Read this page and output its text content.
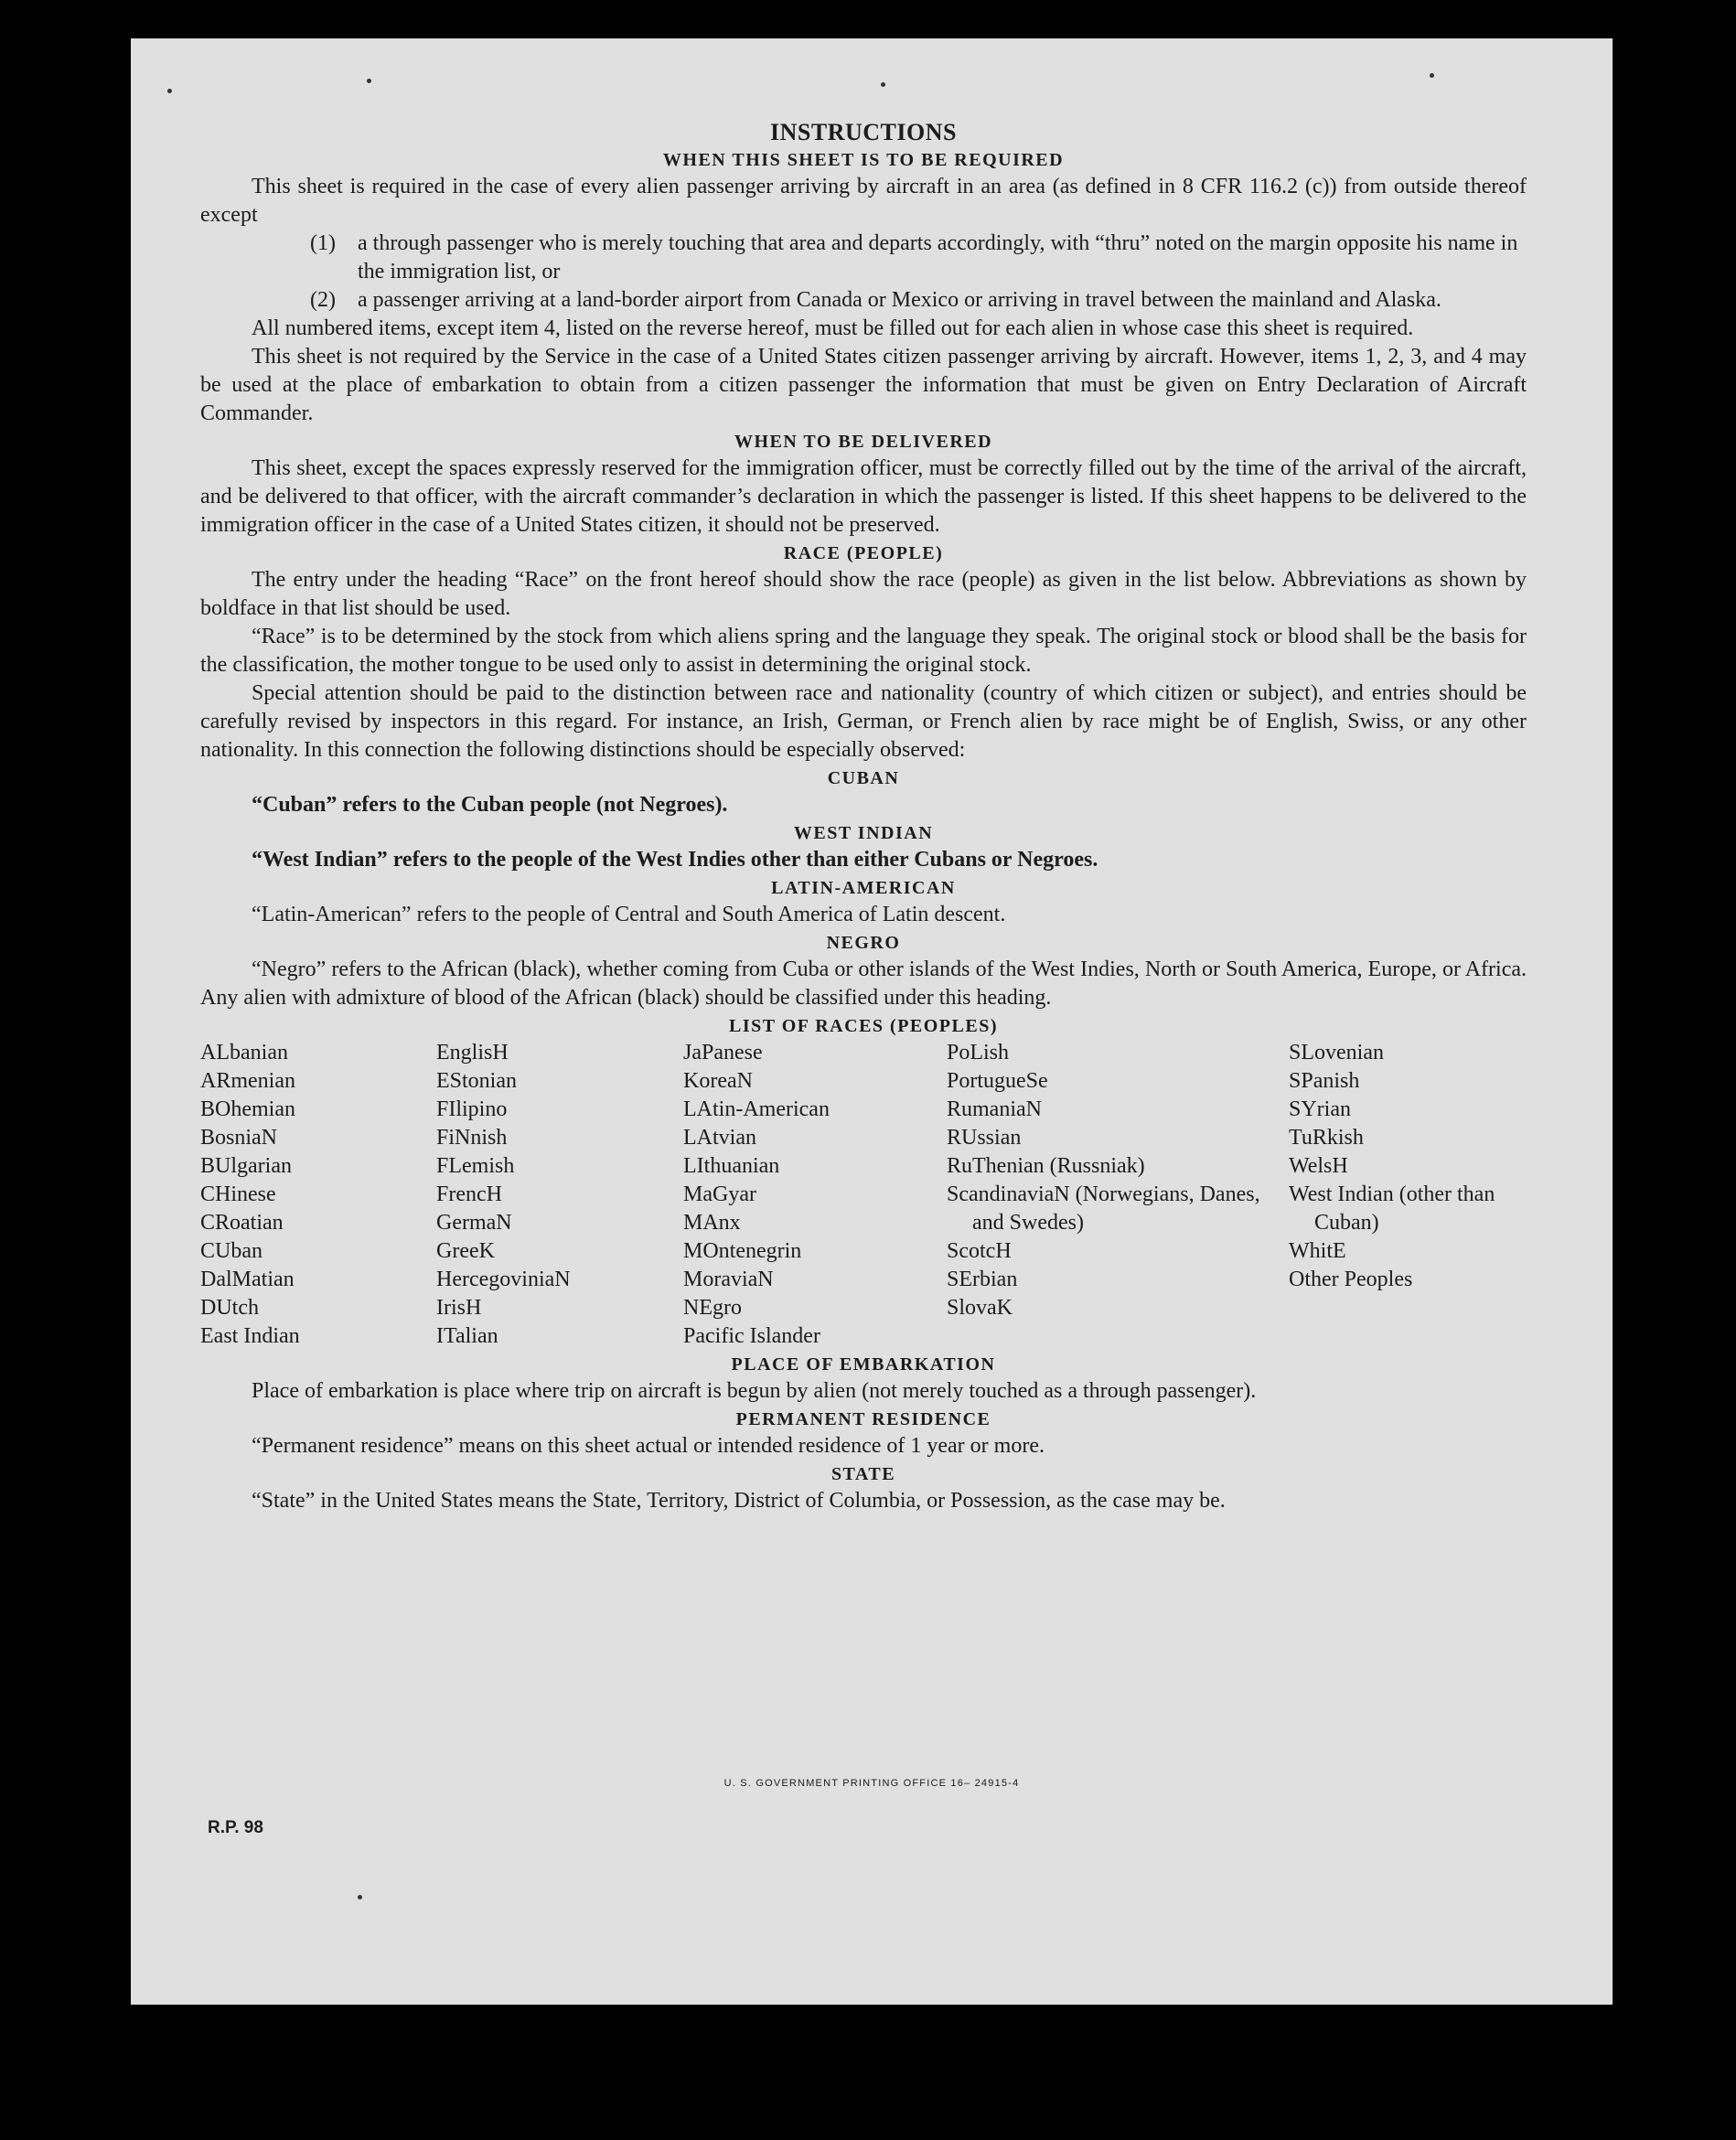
INSTRUCTIONS
WHEN THIS SHEET IS TO BE REQUIRED

This sheet is required in the case of every alien passenger arriving by aircraft in an area (as defined in 8 CFR 116.2 (c)) from outside thereof except

(1) a through passenger who is merely touching that area and departs accordingly, with “thru” noted on the margin opposite his name in the immigration list, or
(2) a passenger arriving at a land-border airport from Canada or Mexico or arriving in travel between the mainland and Alaska.

All numbered items, except item 4, listed on the reverse hereof, must be filled out for each alien in whose case this sheet is required.

This sheet is not required by the Service in the case of a United States citizen passenger arriving by aircraft. However, items 1, 2, 3, and 4 may be used at the place of embarkation to obtain from a citizen passenger the information that must be given on Entry Declaration of Aircraft Commander.

WHEN TO BE DELIVERED

This sheet, except the spaces expressly reserved for the immigration officer, must be correctly filled out by the time of the arrival of the aircraft, and be delivered to that officer, with the aircraft commander’s declaration in which the passenger is listed. If this sheet happens to be delivered to the immigration officer in the case of a United States citizen, it should not be preserved.

RACE (PEOPLE)

The entry under the heading “Race” on the front hereof should show the race (people) as given in the list below. Abbreviations as shown by boldface in that list should be used.

“Race” is to be determined by the stock from which aliens spring and the language they speak. The original stock or blood shall be the basis for the classification, the mother tongue to be used only to assist in determining the original stock.

Special attention should be paid to the distinction between race and nationality (country of which citizen or subject), and entries should be carefully revised by inspectors in this regard. For instance, an Irish, German, or French alien by race might be of English, Swiss, or any other nationality. In this connection the following distinctions should be especially observed:

CUBAN

“Cuban” refers to the Cuban people (not Negroes).

WEST INDIAN

“West Indian” refers to the people of the West Indies other than either Cubans or Negroes.

LATIN-AMERICAN

“Latin-American” refers to the people of Central and South America of Latin descent.

NEGRO

“Negro” refers to the African (black), whether coming from Cuba or other islands of the West Indies, North or South America, Europe, or Africa. Any alien with admixture of blood of the African (black) should be classified under this heading.

LIST OF RACES (PEOPLES)
ALbanian
ARmenian
BOhemian
BosniaN
BUlgarian
CHinese
CRoatian
CUban
DalMatian
DUtch
East Indian
EnglisH
EStonian
FIlipino
FiNnish
FLemish
FrencH
GermaN
GreeK
HercegoviniaN
IrisH
ITalian
JaPanese
KoreaN
LAtin-American
LAtvian
LIthuanian
MaGyar
MAnx
MOntenegrin
MoraviaN
NEgro
Pacific Islander
PoLish
PortugueSe
RumaniaN
RUssian
RuThenian (Russniak)
ScandinaviaN (Norwegians, Danes, and Swedes)
ScotcH
SErbian
SlovaK
SLovenian
SPanish
SYrian
TuRkish
WelsH
West Indian (other than Cuban)
WhitE
Other Peoples
PLACE OF EMBARKATION

Place of embarkation is place where trip on aircraft is begun by alien (not merely touched as a through passenger).

PERMANENT RESIDENCE

“Permanent residence” means on this sheet actual or intended residence of 1 year or more.

STATE

“State” in the United States means the State, Territory, District of Columbia, or Possession, as the case may be.

U. S. GOVERNMENT PRINTING OFFICE 16– 24915-4
R.P. 98
